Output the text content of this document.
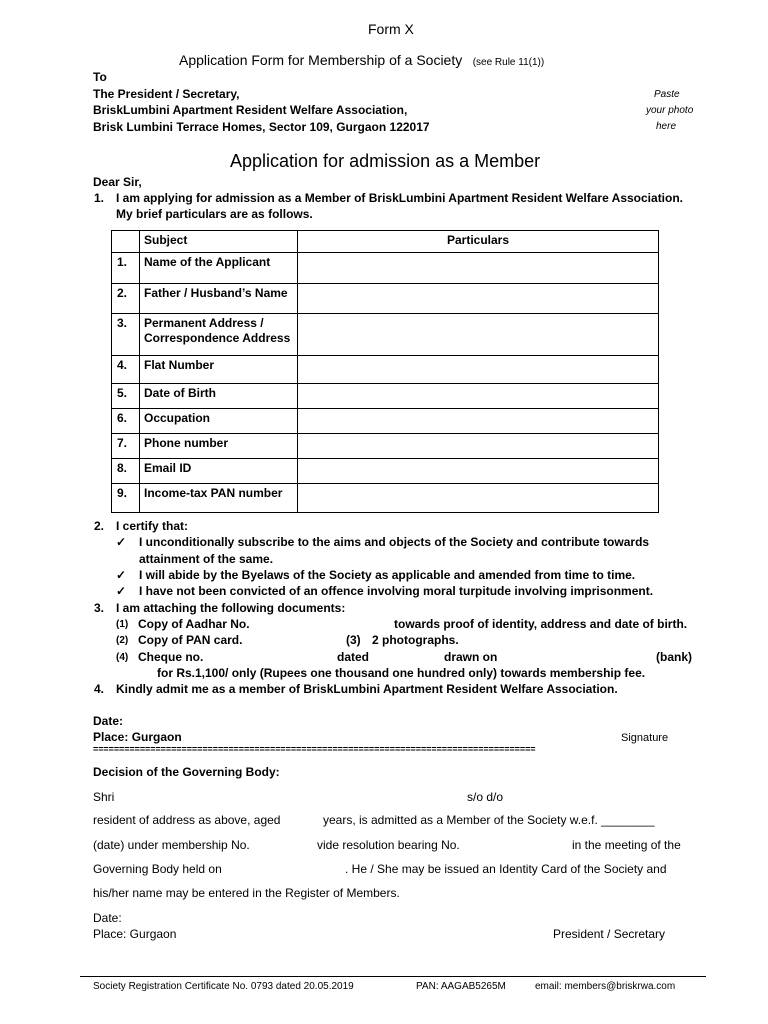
Form X
Application Form for Membership of a Society (see Rule 11(1))
To
The President / Secretary,
BriskLumbini Apartment Resident Welfare Association,
Brisk Lumbini Terrace Homes, Sector 109, Gurgaon 122017
Paste
your photo
here
Application for admission as a Member
Dear Sir,
1. I am applying for admission as a Member of BriskLumbini Apartment Resident Welfare Association.
My brief particulars are as follows.
	Subject	Particulars
1.	Name of the Applicant	
2.	Father / Husband’s Name	
3.	Permanent Address /
Correspondence Address	

4.	Flat Number	
5.	Date of Birth	
6.	Occupation	
7.	Phone number	
8.	Email ID	
9.	Income-tax PAN number	
2. I certify that:
✓ I unconditionally subscribe to the aims and objects of the Society and contribute towards
attainment of the same.
✓ I will abide by the Byelaws of the Society as applicable and amended from time to time.
✓ I have not been convicted of an offence involving moral turpitude involving imprisonment.
3. I am attaching the following documents:
(1) Copy of Aadhar No.	towards proof of identity, address and date of birth.
(2) Copy of PAN card.	(3) 2 photographs.
(4) Cheque no.	dated	drawn on	(bank)
for Rs.1,100/ only (Rupees one thousand one hundred only) towards membership fee.
4. Kindly admit me as a member of BriskLumbini Apartment Resident Welfare Association.
Date:
Place: Gurgaon	Signature
=====================================================================================
Decision of the Governing Body:
Shri	s/o d/o
resident of address as above, aged	years, is admitted as a Member of the Society w.e.f. ________
(date) under membership No.	vide resolution bearing No.	in the meeting of the
Governing Body held on	. He / She may be issued an Identity Card of the Society and
his/her name may be entered in the Register of Members.
Date:
Place: Gurgaon	President / Secretary
Society Registration Certificate No. 0793 dated 20.05.2019	PAN: AAGAB5265M	email: members@briskrwa.com
